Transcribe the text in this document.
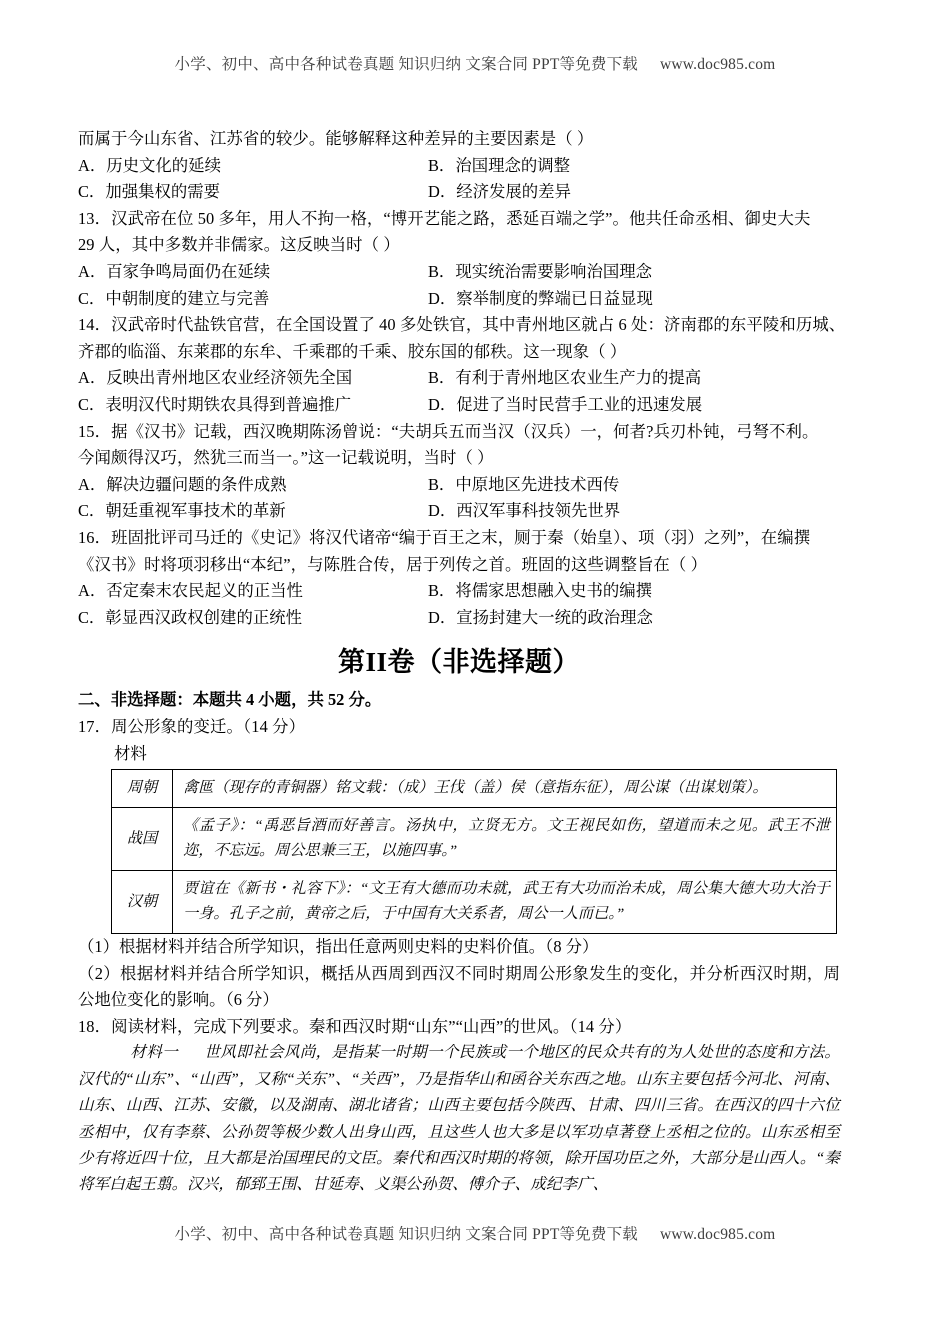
小学、初中、高中各种试卷真题 知识归纳 文案合同 PPT等免费下载 www.doc985.com

而属于今山东省、江苏省的较少。能够解释这种差异的主要因素是（ ）

A．历史文化的延续	B．治国理念的调整
C．加强集权的需要	D．经济发展的差异

13．汉武帝在位 50 多年，用人不拘一格，“博开艺能之路，悉延百端之学”。他共任命丞相、御史大夫

29 人，其中多数并非儒家。这反映当时（ ）

A．百家争鸣局面仍在延续	B．现实统治需要影响治国理念
C．中朝制度的建立与完善	D．察举制度的弊端已日益显现

14．汉武帝时代盐铁官营，在全国设置了 40 多处铁官，其中青州地区就占 6 处：济南郡的东平陵和历城、

齐郡的临淄、东莱郡的东牟、千乘郡的千乘、胶东国的郁秩。这一现象（ ）

A．反映出青州地区农业经济领先全国	B．有利于青州地区农业生产力的提高
C．表明汉代时期铁农具得到普遍推广	D．促进了当时民营手工业的迅速发展

15．据《汉书》记载，西汉晚期陈汤曾说：“夫胡兵五而当汉（汉兵）一，何者?兵刃朴钝，弓弩不利。

今闻颇得汉巧，然犹三而当一。”这一记载说明，当时（ ）

A．解决边疆问题的条件成熟	B．中原地区先进技术西传
C．朝廷重视军事技术的革新	D．西汉军事科技领先世界

16．班固批评司马迁的《史记》将汉代诸帝“编于百王之末，厕于秦（始皇）、项（羽）之列”，在编撰

《汉书》时将项羽移出“本纪”，与陈胜合传，居于列传之首。班固的这些调整旨在（ ）

A．否定秦末农民起义的正当性	B．将儒家思想融入史书的编撰
C．彰显西汉政权创建的正统性	D．宣扬封建大一统的政治理念
第II卷（非选择题）
二、非选择题：本题共 4 小题，共 52 分。

17．周公形象的变迁。（14 分）

材料
周朝	禽匜（现存的青铜器）铭文载：（成）王伐（盖）侯（意指东征），周公谋（出谋划策）。
战国	《孟子》：“禹恶旨酒而好善言。汤执中，立贤无方。文王视民如伤，望道而未之见。武王不泄迩，不忘远。周公思兼三王，以施四事。”
汉朝	贾谊在《新书・礼容下》：“文王有大德而功未就，武王有大功而治未成，周公集大德大功大治于一身。孔子之前，黄帝之后，于中国有大关系者，周公一人而已。”

（1）根据材料并结合所学知识，指出任意两则史料的史料价值。（8 分）

（2）根据材料并结合所学知识，概括从西周到西汉不同时期周公形象发生的变化，并分析西汉时期，周公地位变化的影响。（6 分）

18．阅读材料，完成下列要求。秦和西汉时期“山东”“山西”的世风。（14 分）

材料一 世风即社会风尚，是指某一时期一个民族或一个地区的民众共有的为人处世的态度和方法。汉代的“山东”、“山西”，又称“关东”、“关西”，乃是指华山和函谷关东西之地。山东主要包括今河北、河南、山东、山西、江苏、安徽，以及湖南、湖北诸省；山西主要包括今陕西、甘肃、四川三省。在西汉的四十六位丞相中，仅有李蔡、公孙贺等极少数人出身山西，且这些人也大多是以军功卓著登上丞相之位的。山东丞相至少有将近四十位，且大都是治国理民的文臣。秦代和西汉时期的将领，除开国功臣之外，大部分是山西人。“秦将军白起王翦。汉兴，郁郅王围、甘延寿、义渠公孙贺、傅介子、成纪李广、

小学、初中、高中各种试卷真题 知识归纳 文案合同 PPT等免费下载 www.doc985.com
